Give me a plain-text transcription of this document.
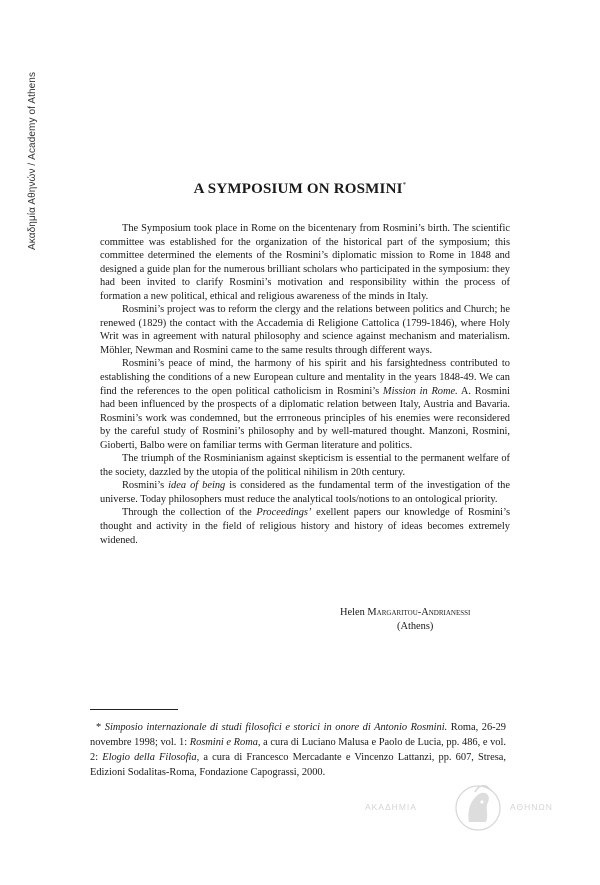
Ακαδημία Αθηνών / Academy of Athens	A SYMPOSIUM ON ROSMINI*

The Symposium took place in Rome on the bicentenary from Rosmini’s birth. The scientific committee was established for the organization of the historical part of the symposium; this committee determined the elements of the Rosmini’s diplomatic mission to Rome in 1848 and designed a guide plan for the numerous brilliant scholars who participated in the symposium: they had been invited to clarify Rosmini’s motivation and responsibility within the process of formation a new political, ethical and religious awareness of the minds in Italy.

Rosmini’s project was to reform the clergy and the relations between politics and Church; he renewed (1829) the contact with the Accademia di Religione Cattolica (1799-1846), where Holy Writ was in agreement with natural philosophy and science against mechanism and materialism. Möhler, Newman and Rosmini came to the same results through different ways.

Rosmini’s peace of mind, the harmony of his spirit and his farsightedness contributed to establishing the conditions of a new European culture and mentality in the years 1848-49. We can find the references to the open political catholicism in Rosmini’s Mission in Rome. A. Rosmini had been influenced by the prospects of a diplomatic relation between Italy, Austria and Bavaria. Rosmini’s work was condemned, but the errroneous principles of his enemies were reconsidered by the careful study of Rosmini’s philosophy and by well-matured thought. Manzoni, Rosmini, Gioberti, Balbo were on familiar terms with German literature and politics.

The triumph of the Rosminianism against skepticism is essential to the permanent welfare of the society, dazzled by the utopia of the political nihilism in 20th century.

Rosmini’s idea of being is considered as the fundamental term of the investigation of the universe. Today philosophers must reduce the analytical tools/notions to an ontological priority.

Through the collection of the Proceedings’ exellent papers our knowledge of Rosmini’s thought and activity in the field of religious history and history of ideas becomes extremely widened.

Helen Margaritou-Andrianessi
(Athens)
* Simposio internazionale di studi filosofici e storici in onore di Antonio Rosmini. Roma, 26-29 novembre 1998; vol. 1: Rosmini e Roma, a cura di Luciano Malusa e Paolo de Lucia, pp. 486, e vol. 2: Elogio della Filosofia, a cura di Francesco Mercadante e Vincenzo Lattanzi, pp. 607, Stresa, Edizioni Sodalitas-Roma, Fondazione Capograssi, 2000.
ΑΚΑΔΗΜΙΑ	ΑΘΗΝΩΝ
